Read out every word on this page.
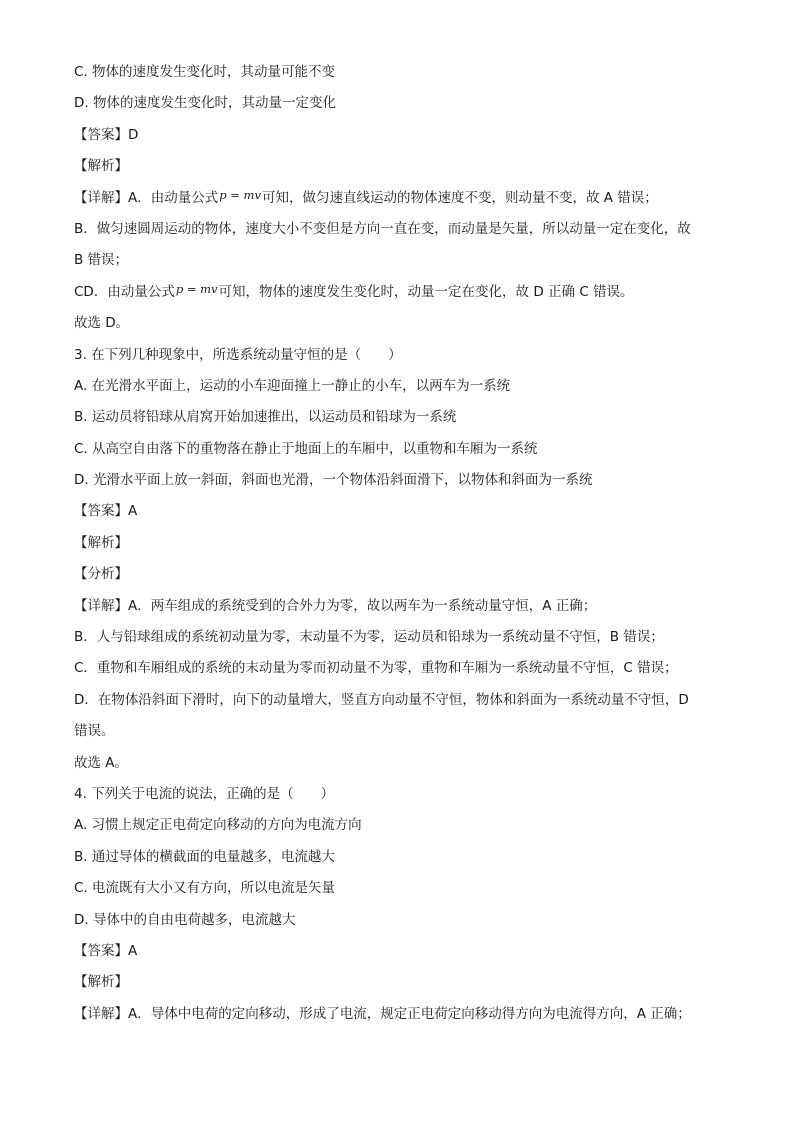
C. 物体的速度发生变化时，其动量可能不变
D. 物体的速度发生变化时，其动量一定变化
【答案】D
【解析】
【详解】A．由动量公式p = mv可知，做匀速直线运动的物体速度不变，则动量不变，故 A 错误；
B．做匀速圆周运动的物体，速度大小不变但是方向一直在变，而动量是矢量，所以动量一定在变化，故
B 错误；
CD．由动量公式p = mv可知，物体的速度发生变化时，动量一定在变化，故 D 正确 C 错误。
故选 D。
3. 在下列几种现象中，所选系统动量守恒的是（　　）
A. 在光滑水平面上，运动的小车迎面撞上一静止的小车，以两车为一系统
B. 运动员将铅球从肩窝开始加速推出，以运动员和铅球为一系统
C. 从高空自由落下的重物落在静止于地面上的车厢中，以重物和车厢为一系统
D. 光滑水平面上放一斜面，斜面也光滑，一个物体沿斜面滑下，以物体和斜面为一系统
【答案】A
【解析】
【分析】
【详解】A．两车组成的系统受到的合外力为零，故以两车为一系统动量守恒，A 正确；
B．人与铅球组成的系统初动量为零，末动量不为零，运动员和铅球为一系统动量不守恒，B 错误；
C．重物和车厢组成的系统的末动量为零而初动量不为零，重物和车厢为一系统动量不守恒，C 错误；
D．在物体沿斜面下滑时，向下的动量增大，竖直方向动量不守恒，物体和斜面为一系统动量不守恒，D
错误。
故选 A。
4. 下列关于电流的说法，正确的是（　　）
A. 习惯上规定正电荷定向移动的方向为电流方向
B. 通过导体的横截面的电量越多，电流越大
C. 电流既有大小又有方向，所以电流是矢量
D. 导体中的自由电荷越多，电流越大
【答案】A
【解析】
【详解】A．导体中电荷的定向移动，形成了电流，规定正电荷定向移动得方向为电流得方向，A 正确；
